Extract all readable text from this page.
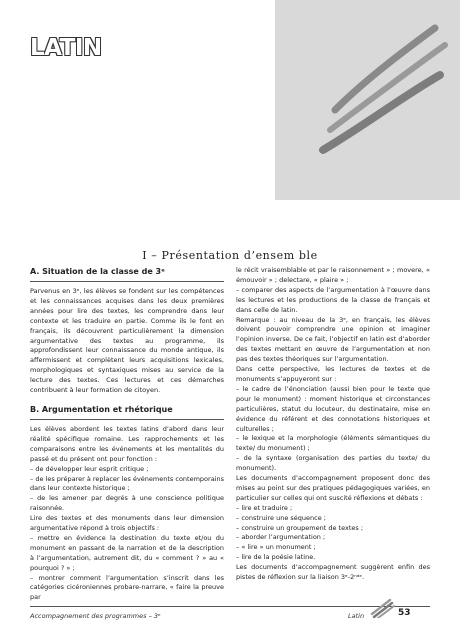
LATIN
I – Présentation d’ensem ble
A. Situation de la classe de 3ᵉ

Parvenus en 3ᵉ, les élèves se fondent sur les compétences et les connaissances acquises dans les deux premières années pour lire des textes, les comprendre dans leur contexte et les traduire en partie. Comme ils le font en français, ils découvrent particulièrement la dimension argumentative des textes au programme, ils approfondissent leur connaissance du monde antique, ils affermissent et complètent leurs acquisitions lexicales, morphologiques et syntaxiques mises au service de la lecture des textes. Ces lectures et ces démarches contribuent à leur formation de citoyen.

B. Argumentation et rhétorique

Les élèves abordent les textes latins d’abord dans leur réalité spécifique romaine. Les rapprochements et les comparaisons entre les événements et les mentalités du passé et du présent ont pour fonction :

– de développer leur esprit critique ;

– de les préparer à replacer les événements contemporains dans leur contexte historique ;

– de les amener par degrés à une conscience politique raisonnée.

Lire des textes et des monuments dans leur dimension argumentative répond à trois objectifs :

– mettre en évidence la destination du texte et/ou du monument en passant de la narration et de la description à l’argumentation, autrement dit, du « comment ? » au « pourquoi ? » ;

– montrer comment l’argumentation s’inscrit dans les catégories cicéroniennes probare-narrare, « faire la preuve par

le récit vraisemblable et par le raisonnement » ; movere, « émouvoir » ; delectare, « plaire » ;

– comparer des aspects de l’argumentation à l’œuvre dans les lectures et les productions de la classe de français et dans celle de latin.

Remarque : au niveau de la 3ᵉ, en français, les élèves doivent pouvoir comprendre une opinion et imaginer l’opinion inverse. De ce fait, l’objectif en latin est d’aborder des textes mettant en œuvre de l’argumentation et non pas des textes théoriques sur l’argumentation.

Dans cette perspective, les lectures de textes et de monuments s’appuyeront sur :

– le cadre de l’énonciation (aussi bien pour le texte que pour le monument) : moment historique et circonstances particulières, statut du locuteur, du destinataire, mise en évidence du référent et des connotations historiques et culturelles ;

– le lexique et la morphologie (éléments sémantiques du texte/ du monument) ;

– de la syntaxe (organisation des parties du texte/ du monument).

Les documents d’accompagnement proposent donc des mises au point sur des pratiques pédagogiques variées, en particulier sur celles qui ont suscité réflexions et débats :

– lire et traduire ;

– construire une séquence ;

– construire un groupement de textes ;

– aborder l’argumentation ;

– « lire » un monument ;

– lire de la poésie latine.

Les documents d’accompagnement suggèrent enfin des pistes de réflexion sur la liaison 3ᵉ-2ⁿᵈᵉ.

Accompagnement des programmes – 3ᵉ	Latin	53
